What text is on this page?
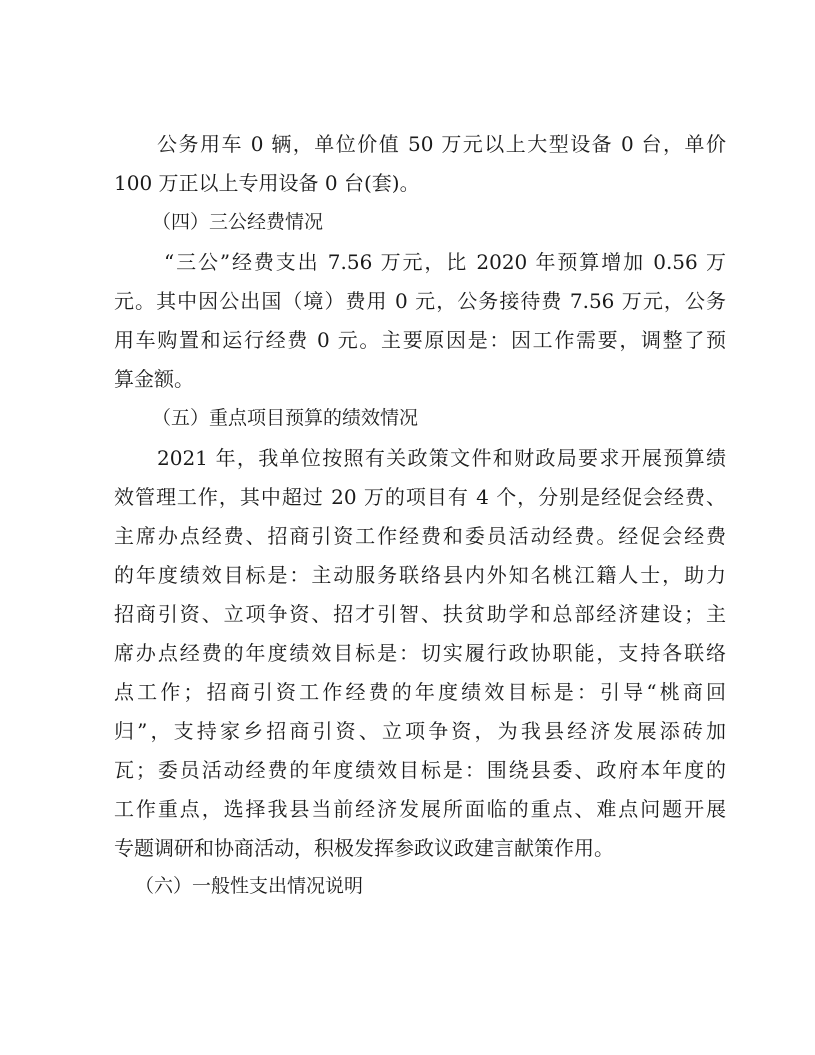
公务用车 0 辆，单位价值 50 万元以上大型设备 0 台，单价
100 万正以上专用设备 0 台(套)。
（四）三公经费情况
“三公”经费支出 7.56 万元，比 2020 年预算增加 0.56 万
元。其中因公出国（境）费用 0 元，公务接待费 7.56 万元，公务
用车购置和运行经费 0 元。主要原因是：因工作需要，调整了预
算金额。
（五）重点项目预算的绩效情况
2021 年，我单位按照有关政策文件和财政局要求开展预算绩
效管理工作，其中超过 20 万的项目有 4 个，分别是经促会经费、
主席办点经费、招商引资工作经费和委员活动经费。经促会经费
的年度绩效目标是：主动服务联络县内外知名桃江籍人士，助力
招商引资、立项争资、招才引智、扶贫助学和总部经济建设；主
席办点经费的年度绩效目标是：切实履行政协职能，支持各联络
点工作；招商引资工作经费的年度绩效目标是：引导“桃商回
归”，支持家乡招商引资、立项争资，为我县经济发展添砖加
瓦；委员活动经费的年度绩效目标是：围绕县委、政府本年度的
工作重点，选择我县当前经济发展所面临的重点、难点问题开展
专题调研和协商活动，积极发挥参政议政建言献策作用。
（六）一般性支出情况说明
